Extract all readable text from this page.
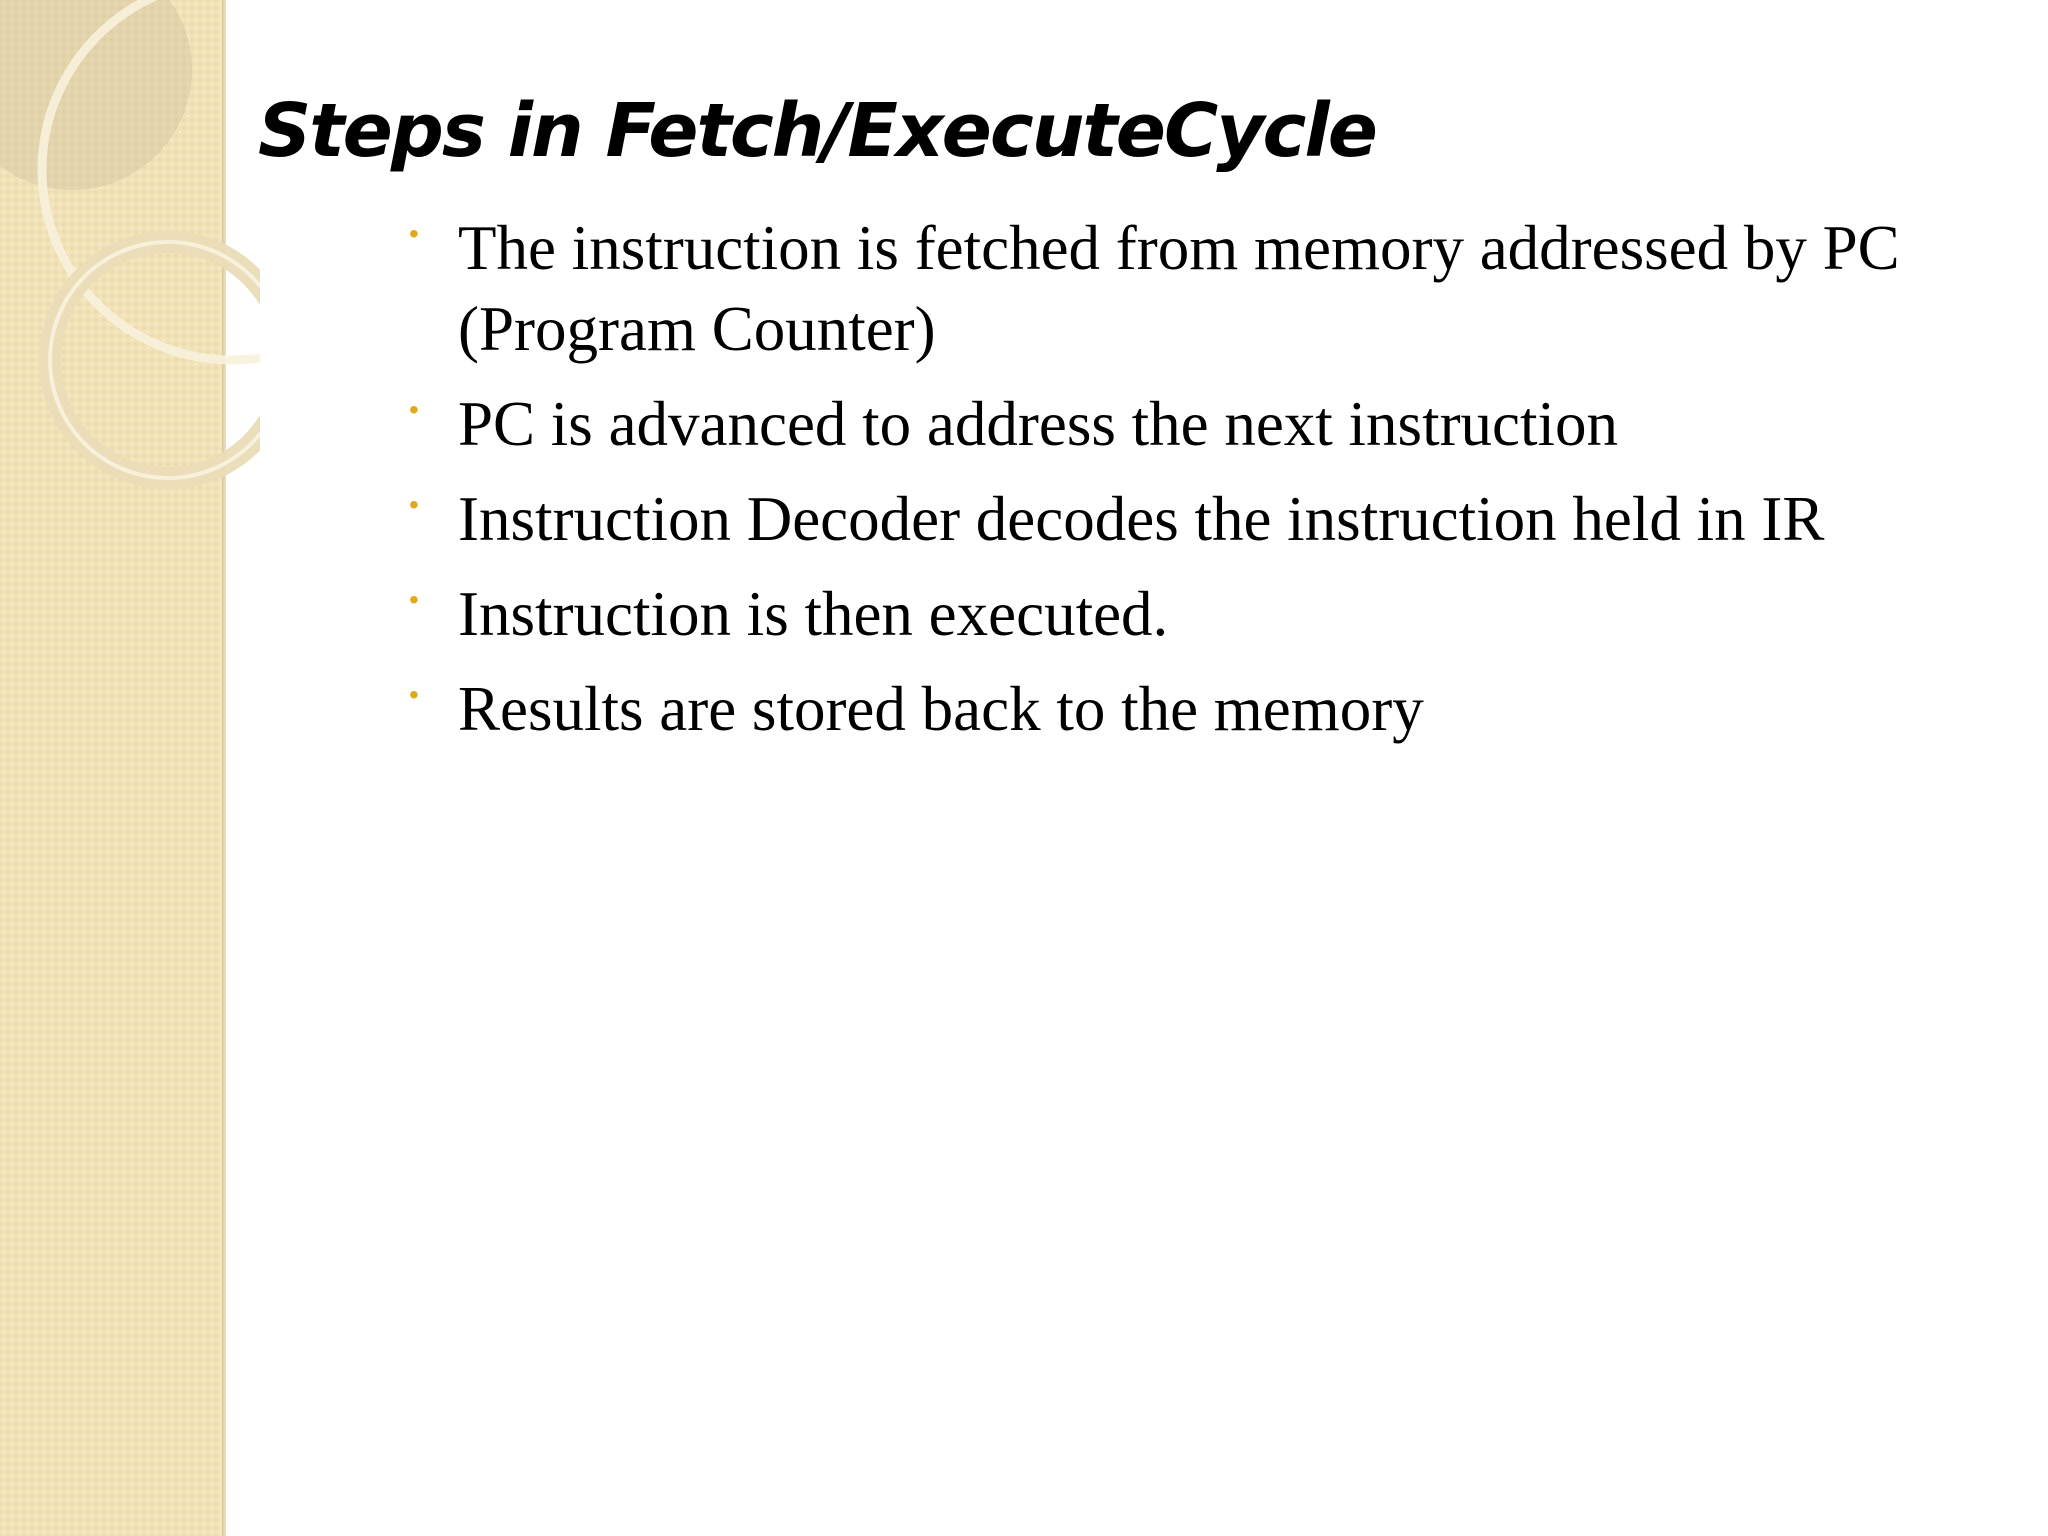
Steps in Fetch/ExecuteCycle
• The instruction is fetched from memory addressed by PC (Program Counter)
• PC is advanced to address the next instruction
• Instruction Decoder decodes the instruction held in IR
• Instruction is then executed.
• Results are stored back to the memory
